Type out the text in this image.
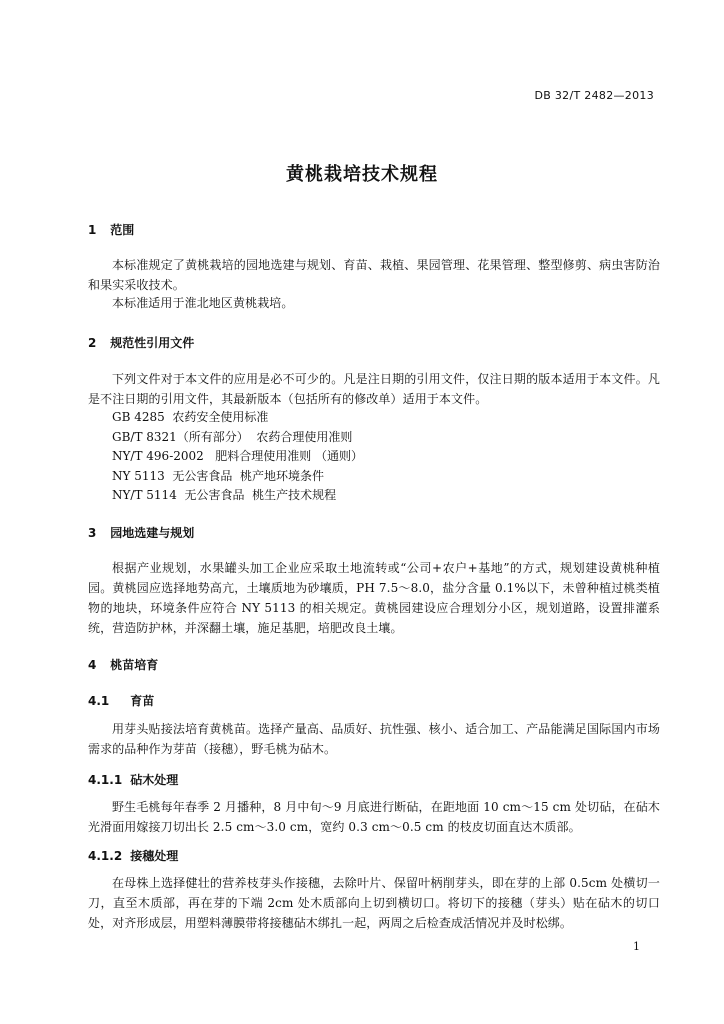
DB 32/T 2482—2013
黄桃栽培技术规程
1 范围
本标准规定了黄桃栽培的园地选建与规划、育苗、栽植、果园管理、花果管理、整型修剪、病虫害防治和果实采收技术。
本标准适用于淮北地区黄桃栽培。
2 规范性引用文件
下列文件对于本文件的应用是必不可少的。凡是注日期的引用文件，仅注日期的版本适用于本文件。凡是不注日期的引用文件，其最新版本（包括所有的修改单）适用于本文件。
GB 4285  农药安全使用标准
GB/T 8321（所有部分）  农药合理使用准则
NY/T 496-2002   肥料合理使用准则 （通则）
NY 5113  无公害食品  桃产地环境条件
NY/T 5114  无公害食品  桃生产技术规程
3 园地选建与规划
根据产业规划，水果罐头加工企业应采取土地流转或“公司+农户+基地”的方式，规划建设黄桃种植园。黄桃园应选择地势高亢，土壤质地为砂壤质，PH 7.5～8.0，盐分含量 0.1%以下，未曾种植过桃类植物的地块，环境条件应符合 NY 5113 的相关规定。黄桃园建设应合理划分小区，规划道路，设置排灌系统，营造防护林，并深翻土壤，施足基肥，培肥改良土壤。
4 桃苗培育
4.1 育苗
用芽头贴接法培育黄桃苗。选择产量高、品质好、抗性强、核小、适合加工、产品能满足国际国内市场需求的品种作为芽苗（接穗），野毛桃为砧木。
4.1.1 砧木处理
野生毛桃每年春季 2 月播种，8 月中旬～9 月底进行断砧，在距地面 10 cm～15 cm 处切砧，在砧木光滑面用嫁接刀切出长 2.5 cm～3.0 cm，宽约 0.3 cm～0.5 cm 的枝皮切面直达木质部。
4.1.2 接穗处理
在母株上选择健壮的营养枝芽头作接穗，去除叶片、保留叶柄削芽头，即在芽的上部 0.5cm 处横切一刀，直至木质部，再在芽的下端 2cm 处木质部向上切到横切口。将切下的接穗（芽头）贴在砧木的切口处，对齐形成层，用塑料薄膜带将接穗砧木绑扎一起，两周之后检查成活情况并及时松绑。
1
